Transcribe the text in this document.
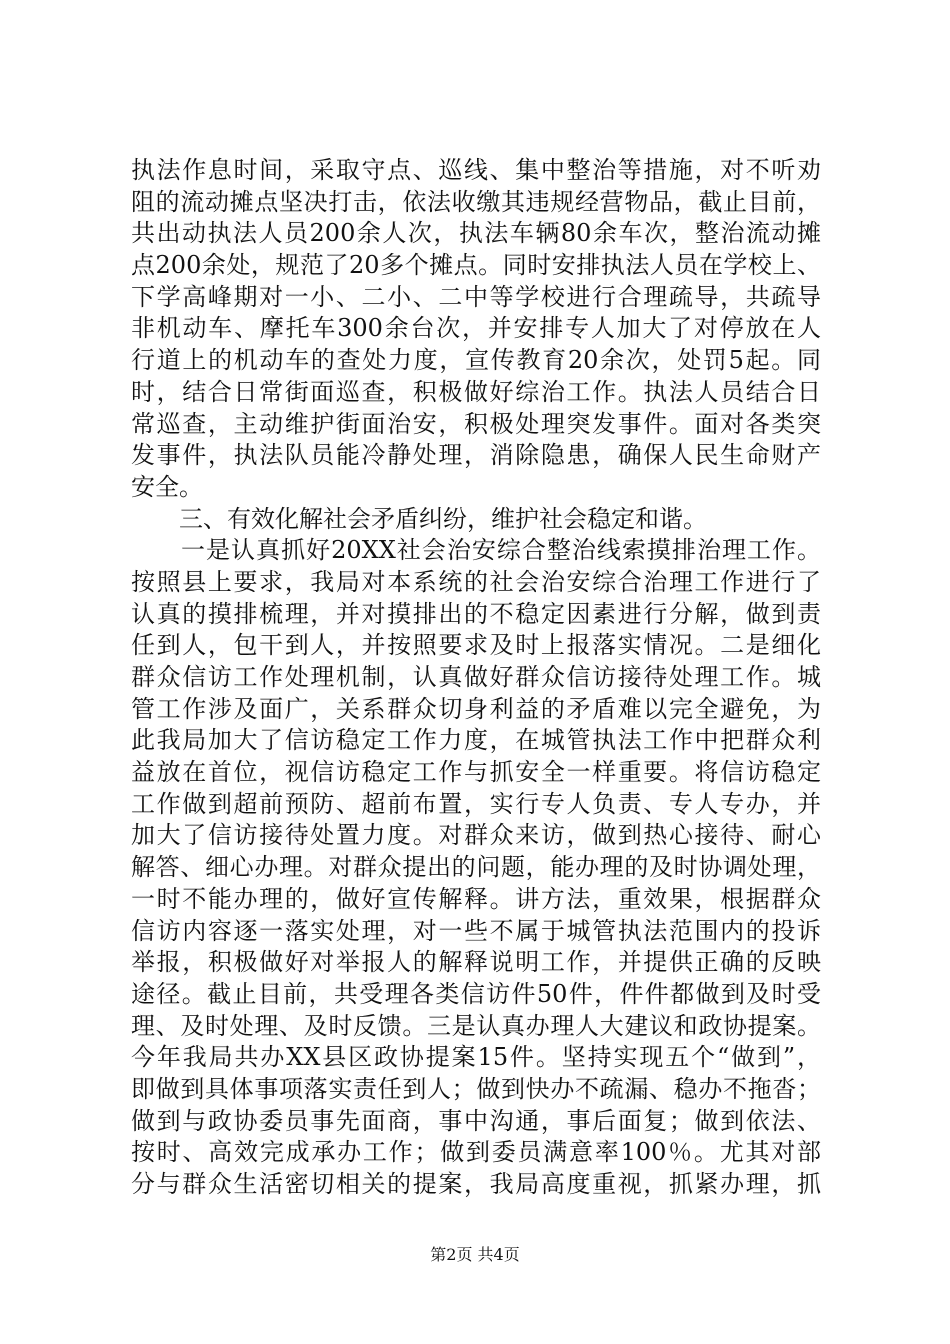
执法作息时间，采取守点、巡线、集中整治等措施，对不听劝
阻的流动摊点坚决打击，依法收缴其违规经营物品，截止目前，
共出动执法人员200余人次，执法车辆80余车次，整治流动摊
点200余处，规范了20多个摊点。同时安排执法人员在学校上、
下学高峰期对一小、二小、二中等学校进行合理疏导，共疏导
非机动车、摩托车300余台次，并安排专人加大了对停放在人
行道上的机动车的查处力度，宣传教育20余次，处罚5起。同
时，结合日常街面巡查，积极做好综治工作。执法人员结合日
常巡查，主动维护街面治安，积极处理突发事件。面对各类突
发事件，执法队员能冷静处理，消除隐患，确保人民生命财产
安全。
　　三、有效化解社会矛盾纠纷，维护社会稳定和谐。
　　一是认真抓好20XX社会治安综合整治线索摸排治理工作。
按照县上要求，我局对本系统的社会治安综合治理工作进行了
认真的摸排梳理，并对摸排出的不稳定因素进行分解，做到责
任到人，包干到人，并按照要求及时上报落实情况。二是细化
群众信访工作处理机制，认真做好群众信访接待处理工作。城
管工作涉及面广，关系群众切身利益的矛盾难以完全避免，为
此我局加大了信访稳定工作力度，在城管执法工作中把群众利
益放在首位，视信访稳定工作与抓安全一样重要。将信访稳定
工作做到超前预防、超前布置，实行专人负责、专人专办，并
加大了信访接待处置力度。对群众来访，做到热心接待、耐心
解答、细心办理。对群众提出的问题，能办理的及时协调处理，
一时不能办理的，做好宣传解释。讲方法，重效果，根据群众
信访内容逐一落实处理，对一些不属于城管执法范围内的投诉
举报，积极做好对举报人的解释说明工作，并提供正确的反映
途径。截止目前，共受理各类信访件50件，件件都做到及时受
理、及时处理、及时反馈。三是认真办理人大建议和政协提案。
今年我局共办XX县区政协提案15件。坚持实现五个“做到”，
即做到具体事项落实责任到人；做到快办不疏漏、稳办不拖沓；
做到与政协委员事先面商，事中沟通，事后面复；做到依法、
按时、高效完成承办工作；做到委员满意率100％。尤其对部
分与群众生活密切相关的提案，我局高度重视，抓紧办理，抓
第2页 共4页
